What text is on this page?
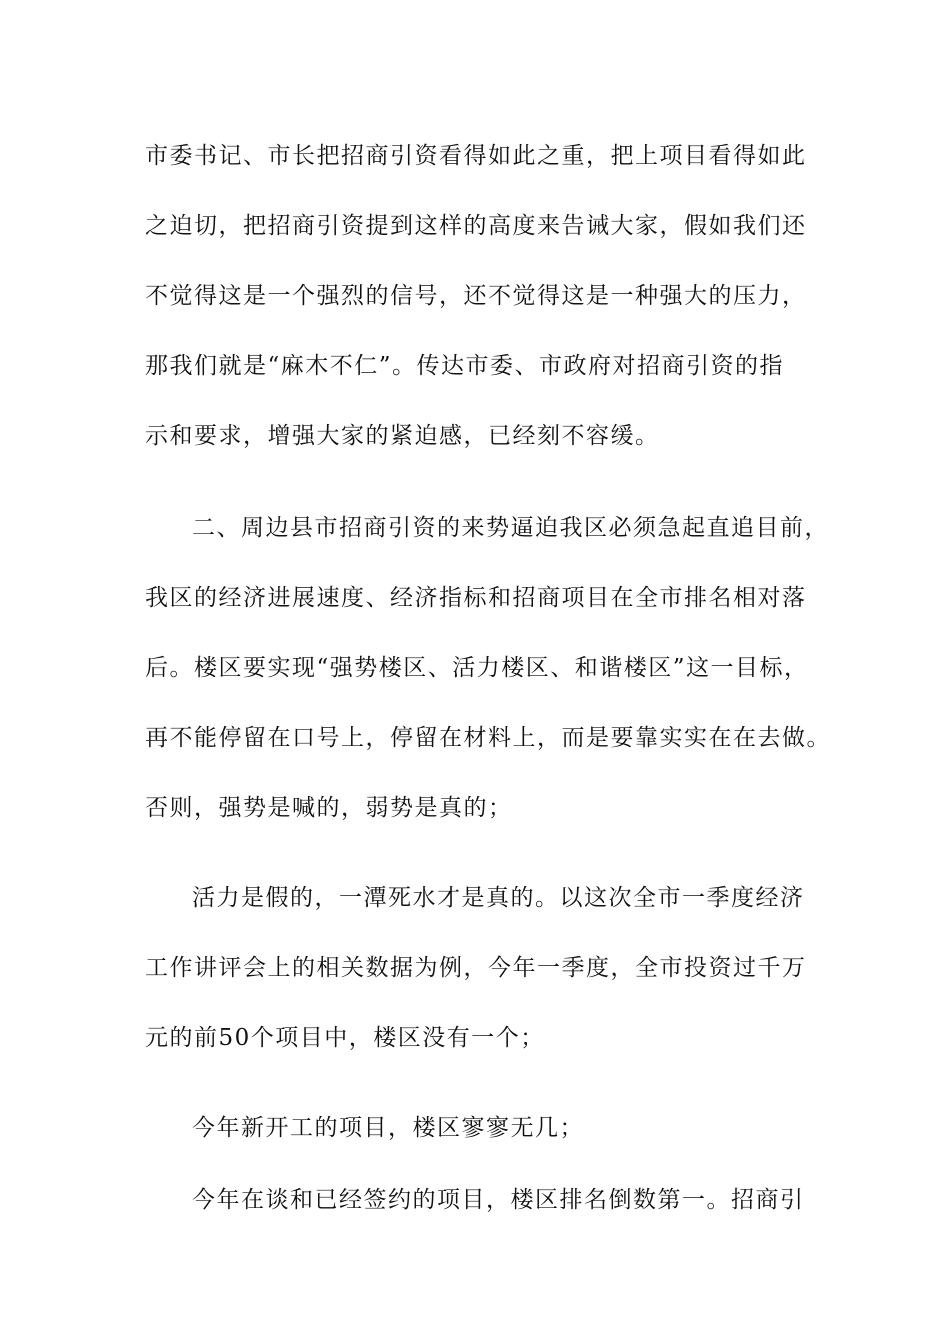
市委书记、市长把招商引资看得如此之重，把上项目看得如此
之迫切，把招商引资提到这样的高度来告诫大家，假如我们还
不觉得这是一个强烈的信号，还不觉得这是一种强大的压力，
那我们就是“麻木不仁”。传达市委、市政府对招商引资的指
示和要求，增强大家的紧迫感，已经刻不容缓。
二、周边县市招商引资的来势逼迫我区必须急起直追目前，
我区的经济进展速度、经济指标和招商项目在全市排名相对落
后。楼区要实现“强势楼区、活力楼区、和谐楼区”这一目标，
再不能停留在口号上，停留在材料上，而是要靠实实在在去做。
否则，强势是喊的，弱势是真的；
活力是假的，一潭死水才是真的。以这次全市一季度经济
工作讲评会上的相关数据为例，今年一季度，全市投资过千万
元的前50个项目中，楼区没有一个；
今年新开工的项目，楼区寥寥无几；
今年在谈和已经签约的项目，楼区排名倒数第一。招商引
